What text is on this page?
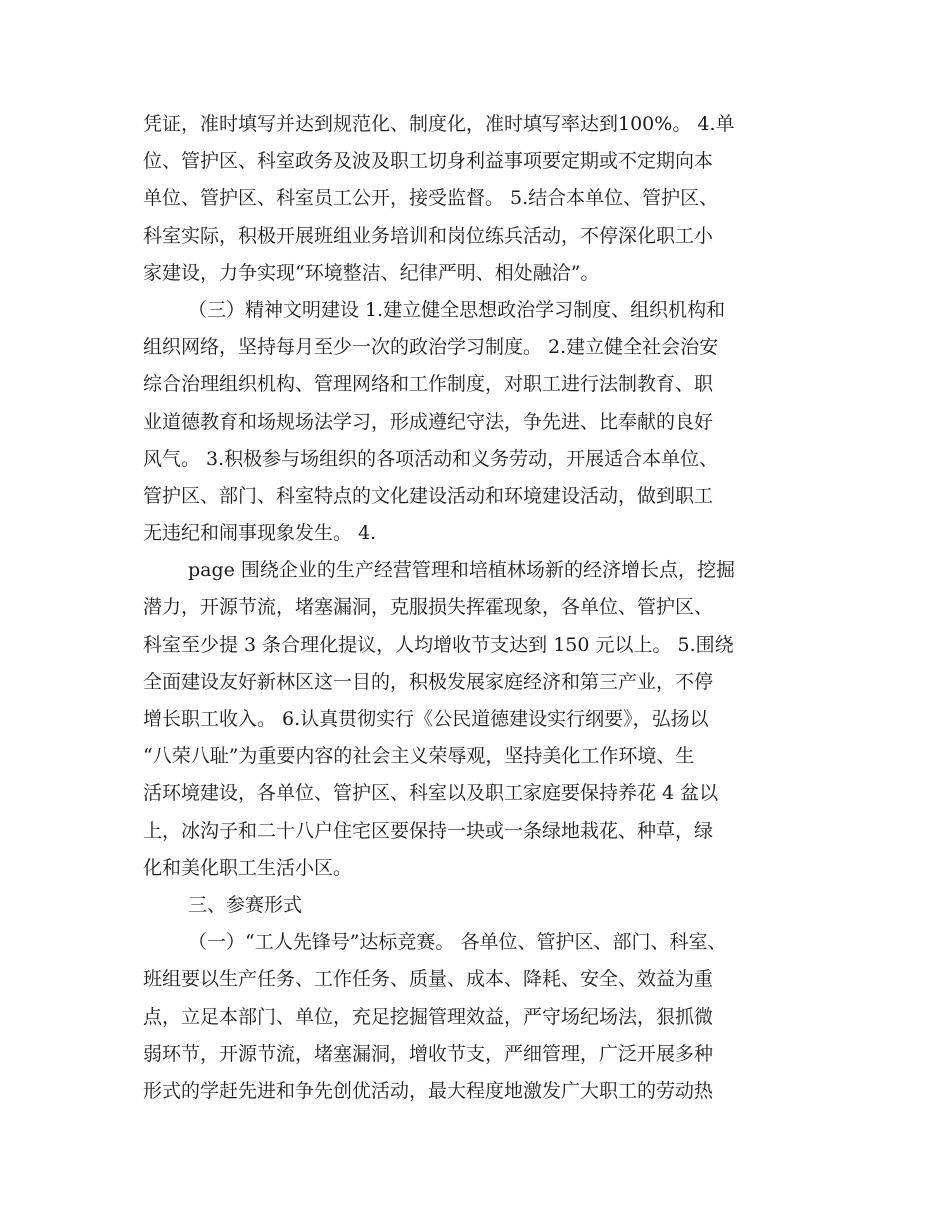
凭证，准时填写并达到规范化、制度化，准时填写率达到100%。 4.单

位、管护区、科室政务及波及职工切身利益事项要定期或不定期向本

单位、管护区、科室员工公开，接受监督。 5.结合本单位、管护区、

科室实际，积极开展班组业务培训和岗位练兵活动，不停深化职工小

家建设，力争实现“环境整洁、纪律严明、相处融洽”。

（三）精神文明建设 1.建立健全思想政治学习制度、组织机构和

组织网络，坚持每月至少一次的政治学习制度。 2.建立健全社会治安

综合治理组织机构、管理网络和工作制度，对职工进行法制教育、职

业道德教育和场规场法学习，形成遵纪守法，争先进、比奉献的良好

风气。 3.积极参与场组织的各项活动和义务劳动，开展适合本单位、

管护区、部门、科室特点的文化建设活动和环境建设活动，做到职工

无违纪和闹事现象发生。 4.

page 围绕企业的生产经营管理和培植林场新的经济增长点，挖掘

潜力，开源节流，堵塞漏洞，克服损失挥霍现象，各单位、管护区、

科室至少提 3 条合理化提议，人均增收节支达到 150 元以上。 5.围绕

全面建设友好新林区这一目的，积极发展家庭经济和第三产业，不停

增长职工收入。 6.认真贯彻实行《公民道德建设实行纲要》，弘扬以

“八荣八耻”为重要内容的社会主义荣辱观，坚持美化工作环境、生

活环境建设，各单位、管护区、科室以及职工家庭要保持养花 4 盆以

上，冰沟子和二十八户住宅区要保持一块或一条绿地栽花、种草，绿

化和美化职工生活小区。

三、参赛形式

（一）“工人先锋号”达标竞赛。 各单位、管护区、部门、科室、

班组要以生产任务、工作任务、质量、成本、降耗、安全、效益为重

点，立足本部门、单位，充足挖掘管理效益，严守场纪场法，狠抓微

弱环节，开源节流，堵塞漏洞，增收节支，严细管理，广泛开展多种

形式的学赶先进和争先创优活动，最大程度地激发广大职工的劳动热
